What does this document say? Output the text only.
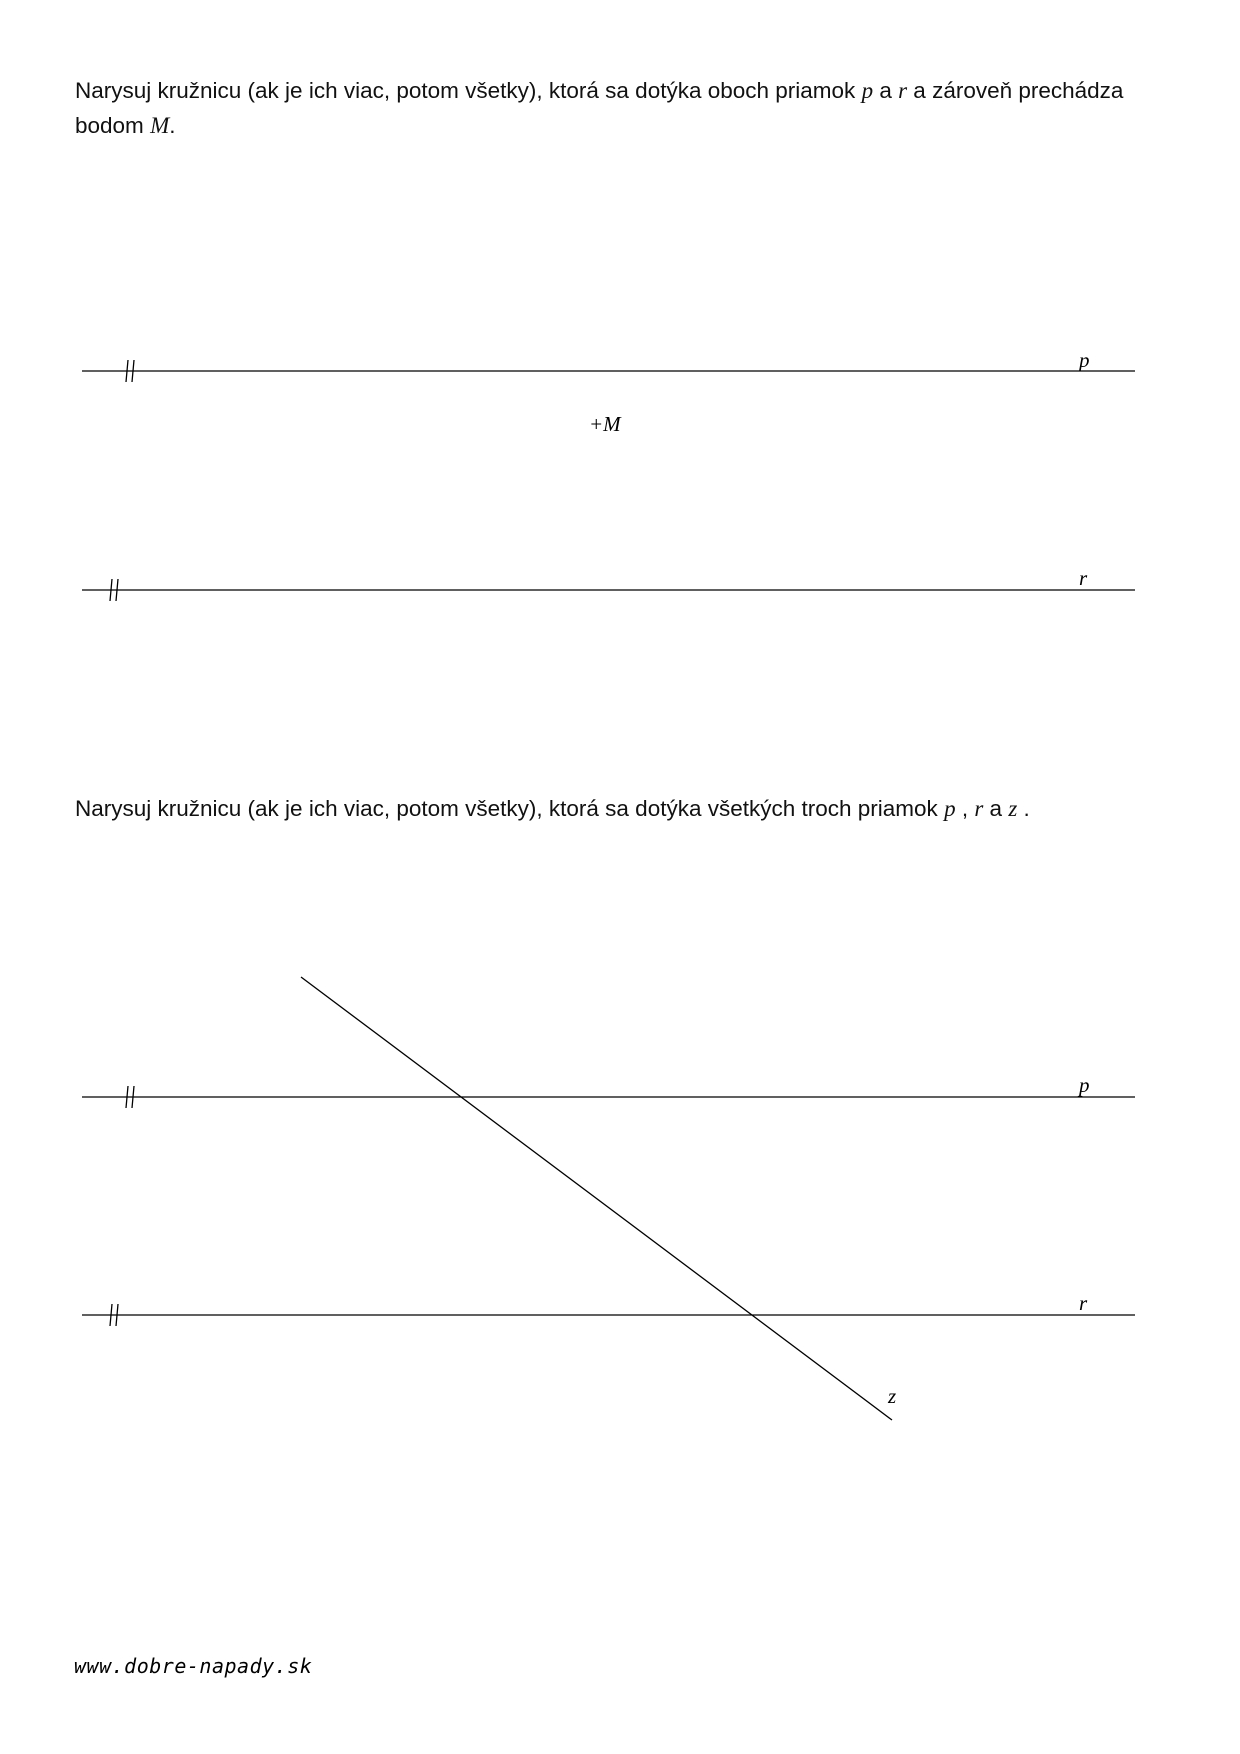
Narysuj kružnicu (ak je ich viac, potom všetky), ktorá sa dotýka oboch priamok p a r a zároveň prechádza bodom M.
p
+M
r
Narysuj kružnicu (ak je ich viac, potom všetky), ktorá sa dotýka všetkých troch priamok p , r a z .
p
r
z
www.dobre-napady.sk
